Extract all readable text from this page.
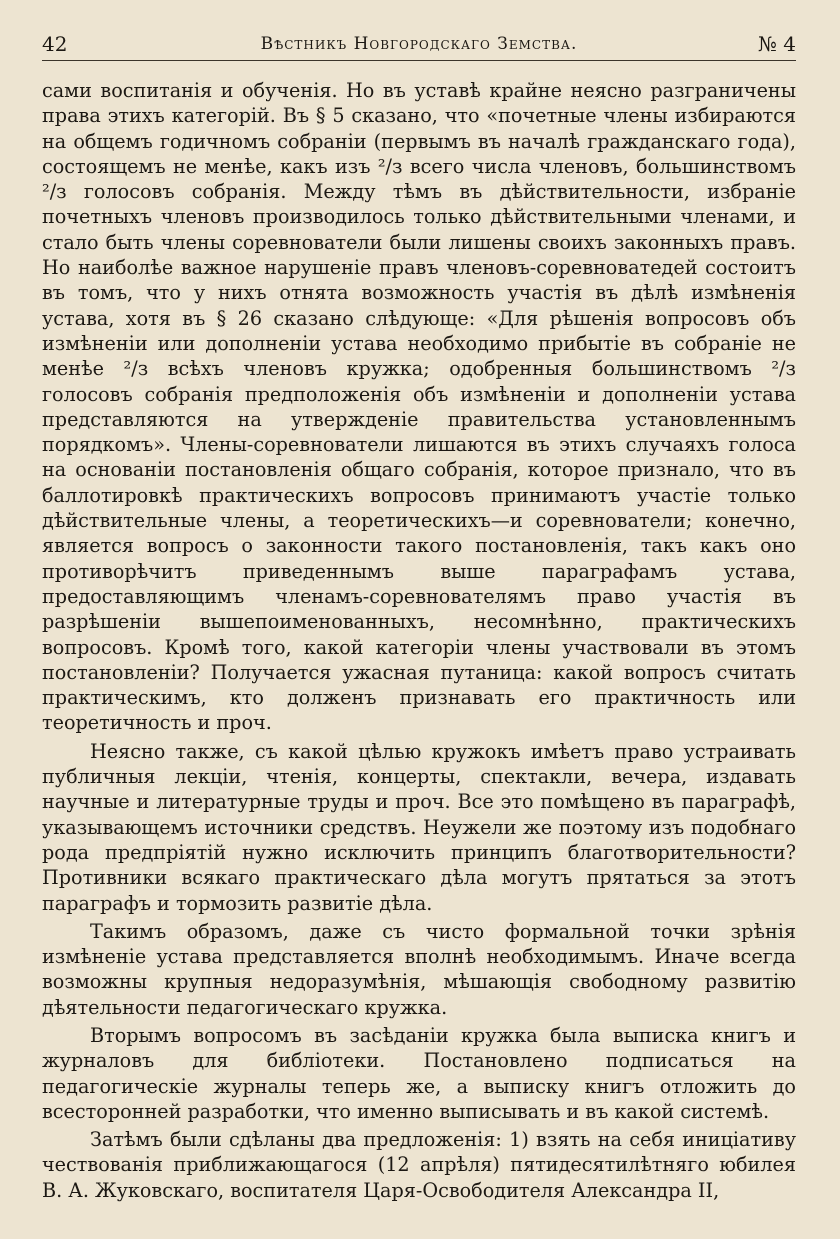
42	Вѣстникъ Новгородскаго Земства.	№ 4

сами воспитанія и обученія. Но въ уставѣ крайне неясно разграничены права этихъ категорій. Въ § 5 сказано, что «почетные члены избираются на общемъ годичномъ собраніи (первымъ въ началѣ гражданскаго года), состоящемъ не менѣе, какъ изъ ²/з всего числа членовъ, большинствомъ ²/з голосовъ собранія. Между тѣмъ въ дѣйствительности, избраніе почетныхъ членовъ производилось только дѣйствительными членами, и стало быть члены соревнователи были лишены своихъ законныхъ правъ. Но наиболѣе важное нарушеніе правъ членовъ-соревноватедей состоитъ въ томъ, что у нихъ отнята возможность участія въ дѣлѣ измѣненія устава, хотя въ § 26 сказано слѣдующе: «Для рѣшенія вопросовъ объ измѣненіи или дополненіи устава необходимо прибытіе въ собраніе не менѣе ²/з всѣхъ членовъ кружка; одобренныя большинствомъ ²/з голосовъ собранія предположенія объ измѣненіи и дополненіи устава представляются на утвержденіе правительства установленнымъ порядкомъ». Члены-соревнователи лишаются въ этихъ случаяхъ голоса на основаніи постановленія общаго собранія, которое признало, что въ баллотировкѣ практическихъ вопросовъ принимаютъ участіе только дѣйствительные члены, а теоретическихъ—и соревнователи; конечно, является вопросъ о законности такого постановленія, такъ какъ оно противорѣчитъ приведеннымъ выше параграфамъ устава, предоставляющимъ членамъ-соревнователямъ право участія въ разрѣшеніи вышепоименованныхъ, несомнѣнно, практическихъ вопросовъ. Кромѣ того, какой категоріи члены участвовали въ этомъ постановленіи? Получается ужасная путаница: какой вопросъ считать практическимъ, кто долженъ признавать его практичность или теоретичность и проч.

Неясно также, съ какой цѣлью кружокъ имѣетъ право устраивать публичныя лекціи, чтенія, концерты, спектакли, вечера, издавать научные и литературные труды и проч. Все это помѣщено въ параграфѣ, указывающемъ источники средствъ. Неужели же поэтому изъ подобнаго рода предпріятій нужно исключить принципъ благотворительности? Противники всякаго практическаго дѣла могутъ прятаться за этотъ параграфъ и тормозить развитіе дѣла.

Такимъ образомъ, даже съ чисто формальной точки зрѣнія измѣненіе устава представляется вполнѣ необходимымъ. Иначе всегда возможны крупныя недоразумѣнія, мѣшающія свободному развитію дѣятельности педагогическаго кружка.

Вторымъ вопросомъ въ засѣданіи кружка была выписка книгъ и журналовъ для библіотеки. Постановлено подписаться на педагогическіе журналы теперь же, а выписку книгъ отложить до всесторонней разработки, что именно выписывать и въ какой системѣ.

Затѣмъ были сдѣланы два предложенія: 1) взять на себя иниціативу чествованія приближающагося (12 апрѣля) пятидесятилѣтняго юбилея В. А. Жуковскаго, воспитателя Царя-Освободителя Александра II,
